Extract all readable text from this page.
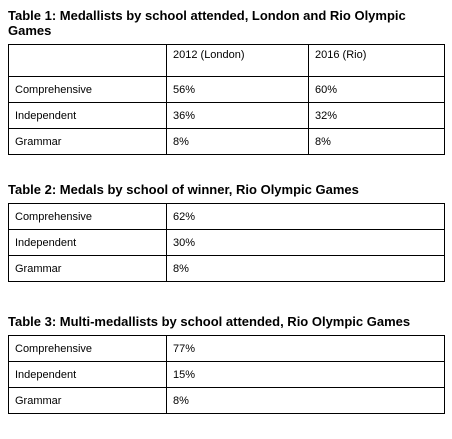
Table 1: Medallists by school attended, London and Rio Olympic Games
	2012 (London)	2016 (Rio)
Comprehensive	56%	60%
Independent	36%	32%
Grammar	8%	8%
Table 2: Medals by school of winner, Rio Olympic Games
Comprehensive	62%
Independent	30%
Grammar	8%
Table 3: Multi-medallists by school attended, Rio Olympic Games
Comprehensive	77%
Independent	15%
Grammar	8%
